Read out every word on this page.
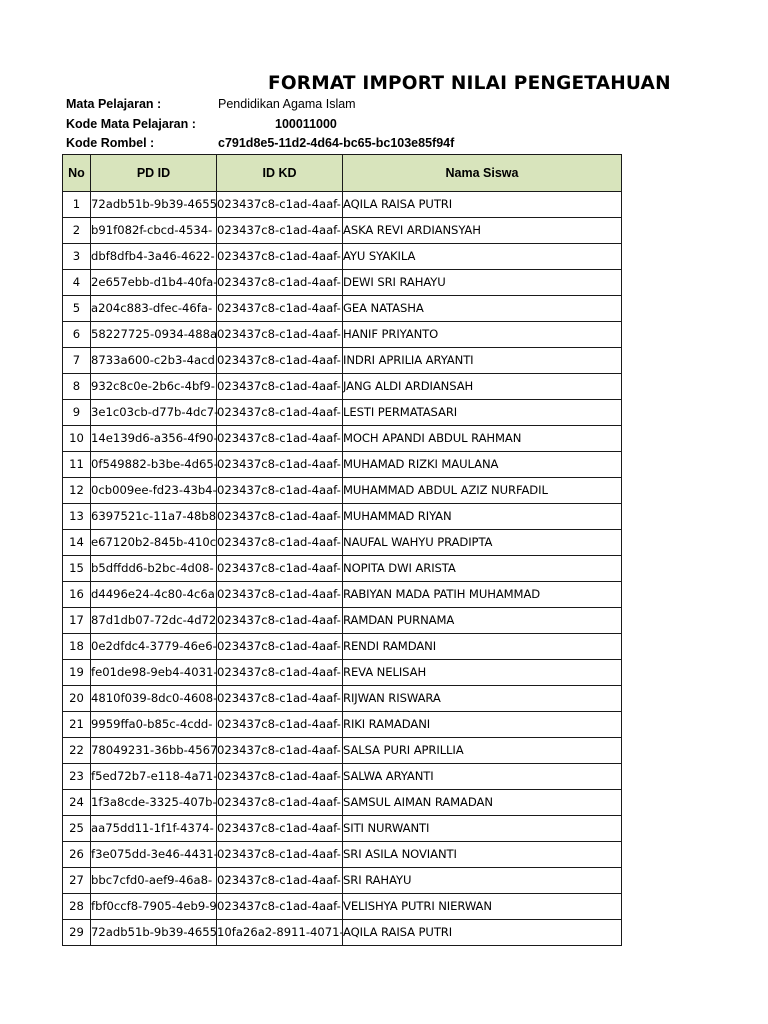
FORMAT IMPORT NILAI PENGETAHUAN
Mata Pelajaran :	Pendidikan Agama Islam
Kode Mata Pelajaran :	100011000
Kode Rombel :	c791d8e5-11d2-4d64-bc65-bc103e85f94f
No	PD ID	ID KD	Nama Siswa
1	72adb51b-9b39-4655	023437c8-c1ad-4aaf-	AQILA RAISA PUTRI
2	b91f082f-cbcd-4534-	023437c8-c1ad-4aaf-	ASKA REVI ARDIANSYAH
3	dbf8dfb4-3a46-4622-	023437c8-c1ad-4aaf-	AYU SYAKILA
4	2e657ebb-d1b4-40fa-	023437c8-c1ad-4aaf-	DEWI SRI RAHAYU
5	a204c883-dfec-46fa-	023437c8-c1ad-4aaf-	GEA NATASHA
6	58227725-0934-488a	023437c8-c1ad-4aaf-	HANIF PRIYANTO
7	8733a600-c2b3-4acd	023437c8-c1ad-4aaf-	INDRI APRILIA ARYANTI
8	932c8c0e-2b6c-4bf9-	023437c8-c1ad-4aaf-	JANG ALDI ARDIANSAH
9	3e1c03cb-d77b-4dc7-	023437c8-c1ad-4aaf-	LESTI PERMATASARI
10	14e139d6-a356-4f90-	023437c8-c1ad-4aaf-	MOCH APANDI ABDUL RAHMAN
11	0f549882-b3be-4d65-	023437c8-c1ad-4aaf-	MUHAMAD RIZKI MAULANA
12	0cb009ee-fd23-43b4-	023437c8-c1ad-4aaf-	MUHAMMAD ABDUL AZIZ NURFADIL
13	6397521c-11a7-48b8	023437c8-c1ad-4aaf-	MUHAMMAD RIYAN
14	e67120b2-845b-410c	023437c8-c1ad-4aaf-	NAUFAL WAHYU PRADIPTA
15	b5dffdd6-b2bc-4d08-	023437c8-c1ad-4aaf-	NOPITA DWI ARISTA
16	d4496e24-4c80-4c6a	023437c8-c1ad-4aaf-	RABIYAN MADA PATIH MUHAMMAD
17	87d1db07-72dc-4d72	023437c8-c1ad-4aaf-	RAMDAN PURNAMA
18	0e2dfdc4-3779-46e6-	023437c8-c1ad-4aaf-	RENDI RAMDANI
19	fe01de98-9eb4-4031-	023437c8-c1ad-4aaf-	REVA NELISAH
20	4810f039-8dc0-4608-	023437c8-c1ad-4aaf-	RIJWAN RISWARA
21	9959ffa0-b85c-4cdd-	023437c8-c1ad-4aaf-	RIKI RAMADANI
22	78049231-36bb-4567	023437c8-c1ad-4aaf-	SALSA PURI APRILLIA
23	f5ed72b7-e118-4a71-	023437c8-c1ad-4aaf-	SALWA ARYANTI
24	1f3a8cde-3325-407b-	023437c8-c1ad-4aaf-	SAMSUL AIMAN RAMADAN
25	aa75dd11-1f1f-4374-	023437c8-c1ad-4aaf-	SITI NURWANTI
26	f3e075dd-3e46-4431-	023437c8-c1ad-4aaf-	SRI ASILA NOVIANTI
27	bbc7cfd0-aef9-46a8-	023437c8-c1ad-4aaf-	SRI RAHAYU
28	fbf0ccf8-7905-4eb9-9	023437c8-c1ad-4aaf-	VELISHYA PUTRI NIERWAN
29	72adb51b-9b39-4655	10fa26a2-8911-4071-	AQILA RAISA PUTRI
